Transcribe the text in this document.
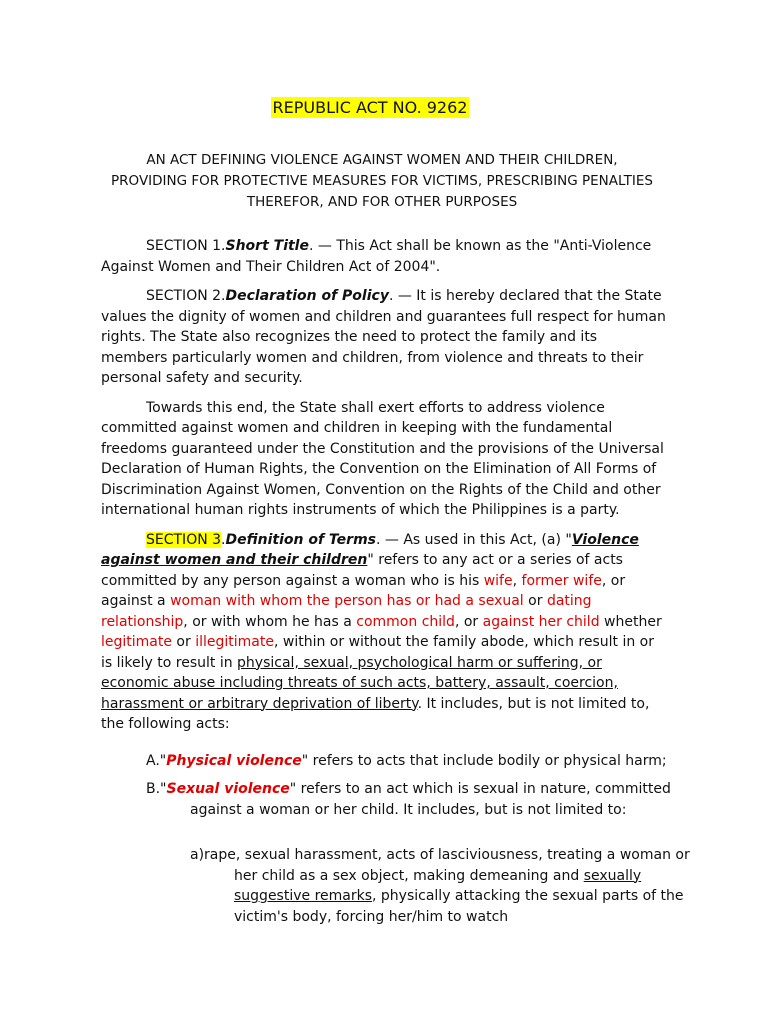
REPUBLIC ACT NO. 9262
AN ACT DEFINING VIOLENCE AGAINST WOMEN AND THEIR CHILDREN, PROVIDING FOR PROTECTIVE MEASURES FOR VICTIMS, PRESCRIBING PENALTIES THEREFOR, AND FOR OTHER PURPOSES

SECTION 1.Short Title. — This Act shall be known as the "Anti-Violence Against Women and Their Children Act of 2004".

SECTION 2.Declaration of Policy. — It is hereby declared that the State values the dignity of women and children and guarantees full respect for human rights. The State also recognizes the need to protect the family and its members particularly women and children, from violence and threats to their personal safety and security.

Towards this end, the State shall exert efforts to address violence committed against women and children in keeping with the fundamental freedoms guaranteed under the Constitution and the provisions of the Universal Declaration of Human Rights, the Convention on the Elimination of All Forms of Discrimination Against Women, Convention on the Rights of the Child and other international human rights instruments of which the Philippines is a party.

SECTION 3.Definition of Terms. — As used in this Act, (a) "Violence against women and their children" refers to any act or a series of acts committed by any person against a woman who is his wife, former wife, or against a woman with whom the person has or had a sexual or dating relationship, or with whom he has a common child, or against her child whether legitimate or illegitimate, within or without the family abode, which result in or is likely to result in physical, sexual, psychological harm or suffering, or economic abuse including threats of such acts, battery, assault, coercion, harassment or arbitrary deprivation of liberty. It includes, but is not limited to, the following acts:

A."Physical violence" refers to acts that include bodily or physical harm;
B."Sexual violence" refers to an act which is sexual in nature, committed against a woman or her child. It includes, but is not limited to:
a)rape, sexual harassment, acts of lasciviousness, treating a woman or her child as a sex object, making demeaning and sexually suggestive remarks, physically attacking the sexual parts of the victim's body, forcing her/him to watch
